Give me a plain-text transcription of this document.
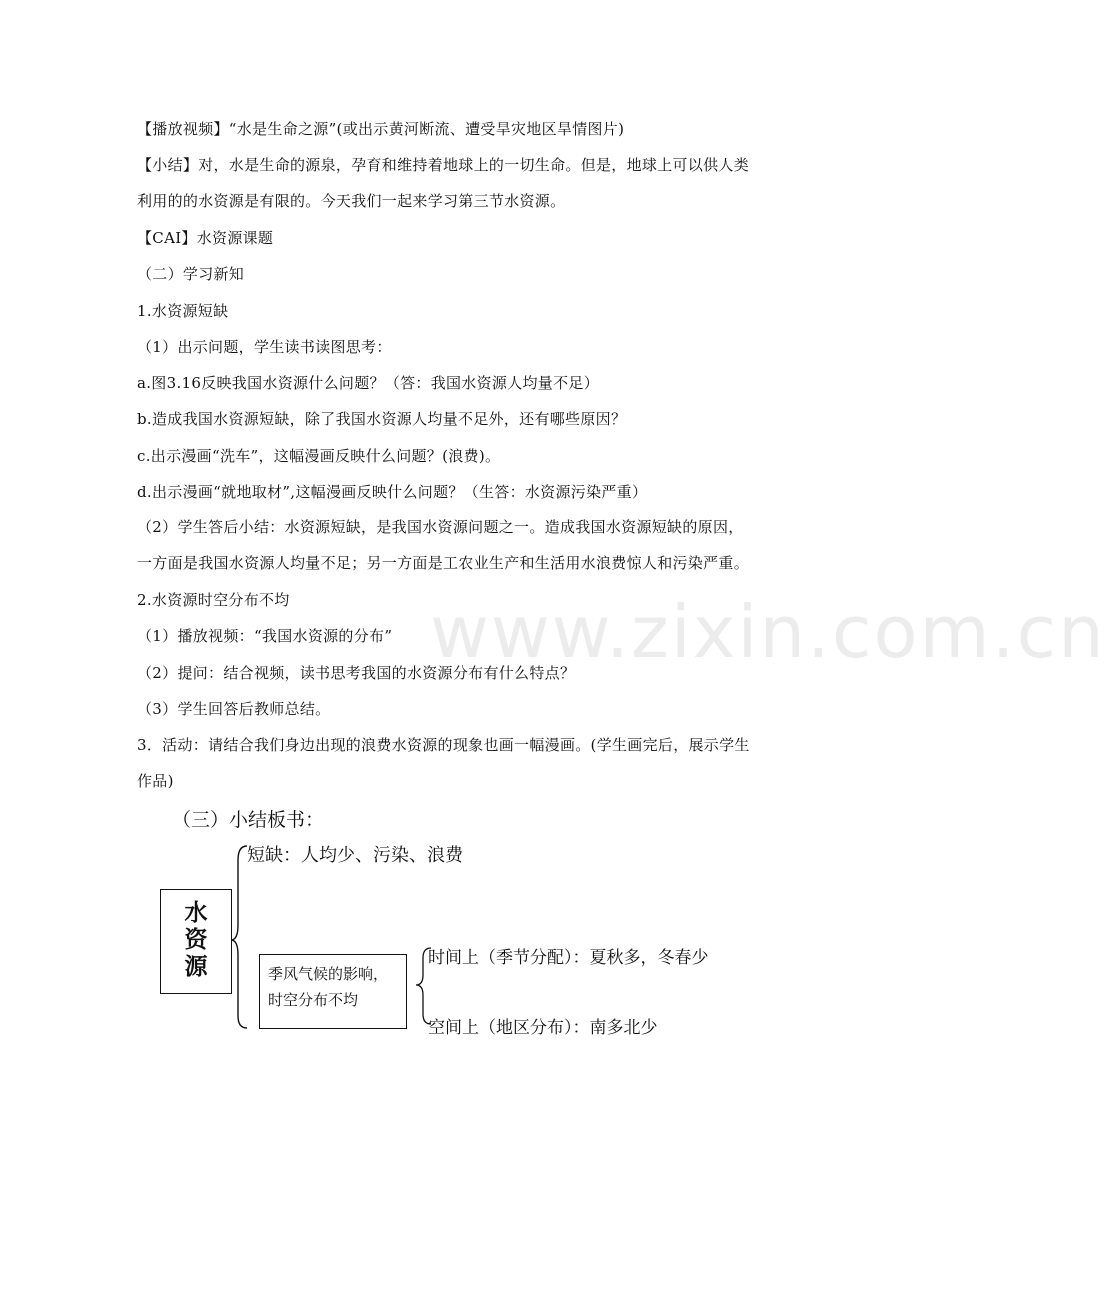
www.zixin.com.cn
【播放视频】“水是生命之源”(或出示黄河断流、遭受旱灾地区旱情图片)
【小结】对，水是生命的源泉，孕育和维持着地球上的一切生命。但是，地球上可以供人类
利用的的水资源是有限的。今天我们一起来学习第三节水资源。
【CAI】水资源课题
（二）学习新知
1.水资源短缺
（1）出示问题，学生读书读图思考：
a.图3.16反映我国水资源什么问题？（答：我国水资源人均量不足）
b.造成我国水资源短缺，除了我国水资源人均量不足外，还有哪些原因？
c.出示漫画“洗车”，这幅漫画反映什么问题？(浪费)。
d.出示漫画“就地取材”,这幅漫画反映什么问题？（生答：水资源污染严重）
（2）学生答后小结：水资源短缺，是我国水资源问题之一。造成我国水资源短缺的原因，
一方面是我国水资源人均量不足；另一方面是工农业生产和生活用水浪费惊人和污染严重。
2.水资源时空分布不均
（1）播放视频：“我国水资源的分布”
（2）提问：结合视频，读书思考我国的水资源分布有什么特点？
（3）学生回答后教师总结。
3．活动：请结合我们身边出现的浪费水资源的现象也画一幅漫画。(学生画完后，展示学生
作品)
（三）小结板书：
水
资
源
短缺：人均少、污染、浪费
季风气候的影响，
时空分布不均
时间上（季节分配）：夏秋多，冬春少
空间上（地区分布）：南多北少
